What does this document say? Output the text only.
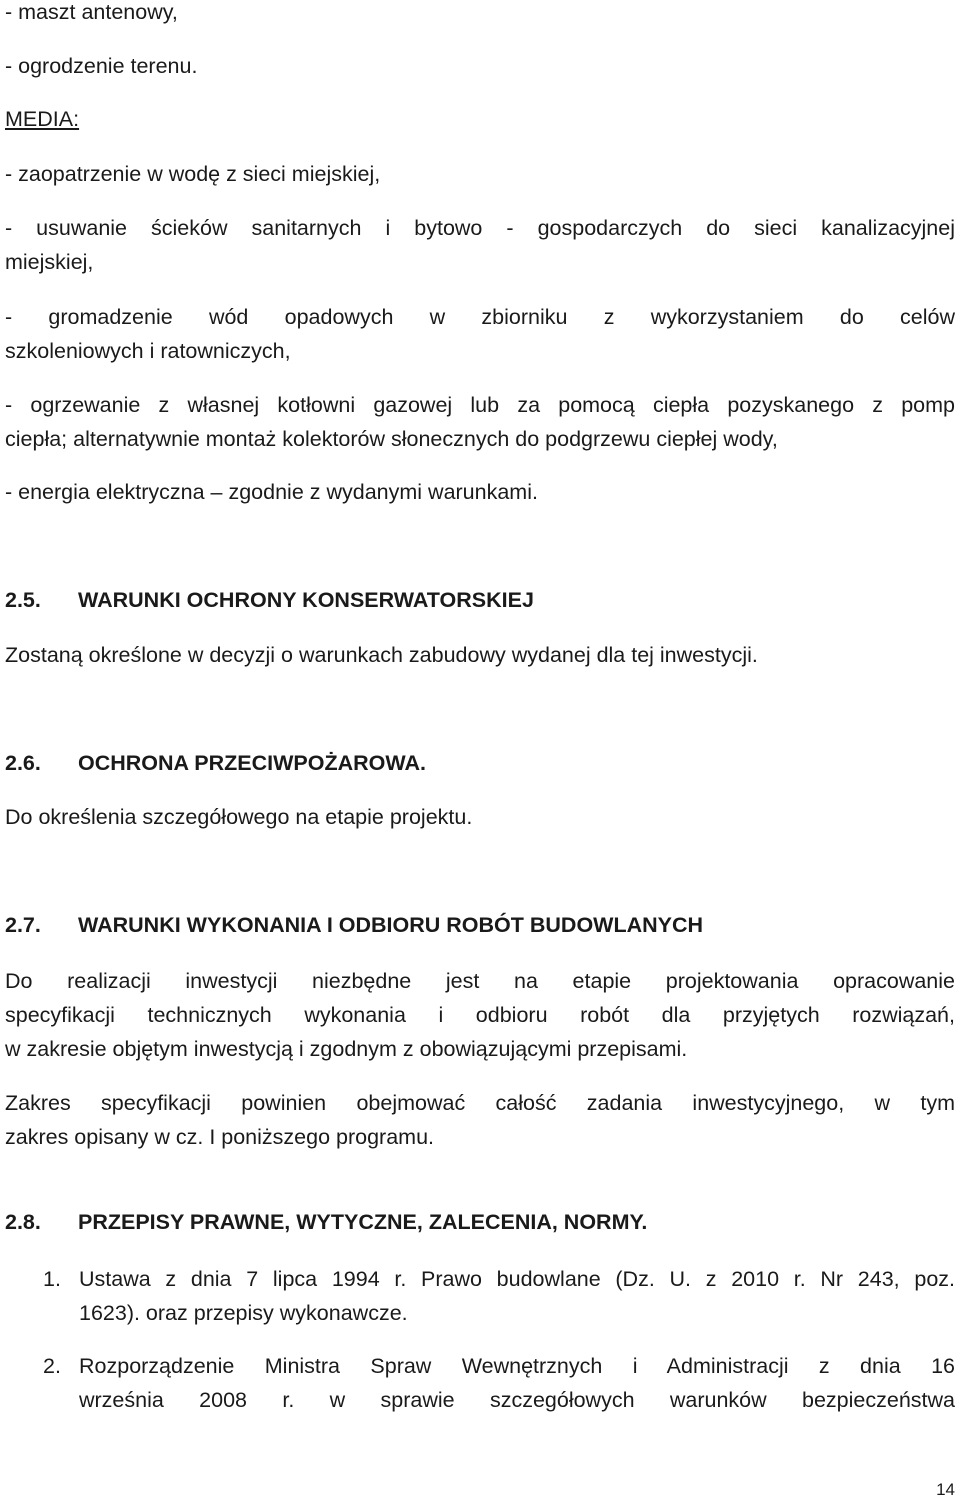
- maszt antenowy,

- ogrodzenie terenu.

MEDIA:

- zaopatrzenie w wodę z sieci miejskiej,

- usuwanie ścieków sanitarnych i bytowo - gospodarczych do sieci kanalizacyjnej

miejskiej,

- gromadzenie wód opadowych w zbiorniku z wykorzystaniem do celów

szkoleniowych i ratowniczych,

- ogrzewanie z własnej kotłowni gazowej lub za pomocą ciepła pozyskanego z pomp

ciepła; alternatywnie montaż kolektorów słonecznych do podgrzewu ciepłej wody,

- energia elektryczna – zgodnie z wydanymi warunkami.

2.5. WARUNKI OCHRONY KONSERWATORSKIEJ

Zostaną określone w decyzji o warunkach zabudowy wydanej dla tej inwestycji.

2.6. OCHRONA PRZECIWPOŻAROWA.

Do określenia szczegółowego na etapie projektu.

2.7. WARUNKI WYKONANIA I ODBIORU ROBÓT BUDOWLANYCH

Do realizacji inwestycji niezbędne jest na etapie projektowania opracowanie

specyfikacji technicznych wykonania i odbioru robót dla przyjętych rozwiązań,

w zakresie objętym inwestycją i zgodnym z obowiązującymi przepisami.

Zakres specyfikacji powinien obejmować całość zadania inwestycyjnego, w tym

zakres opisany w cz. I poniższego programu.

2.8. PRZEPISY PRAWNE, WYTYCZNE, ZALECENIA, NORMY.

1. Ustawa z dnia 7 lipca 1994 r. Prawo budowlane (Dz. U. z 2010 r. Nr 243, poz.

1623). oraz przepisy wykonawcze.

2. Rozporządzenie Ministra Spraw Wewnętrznych i Administracji z dnia 16

września 2008 r. w sprawie szczegółowych warunków bezpieczeństwa

14
